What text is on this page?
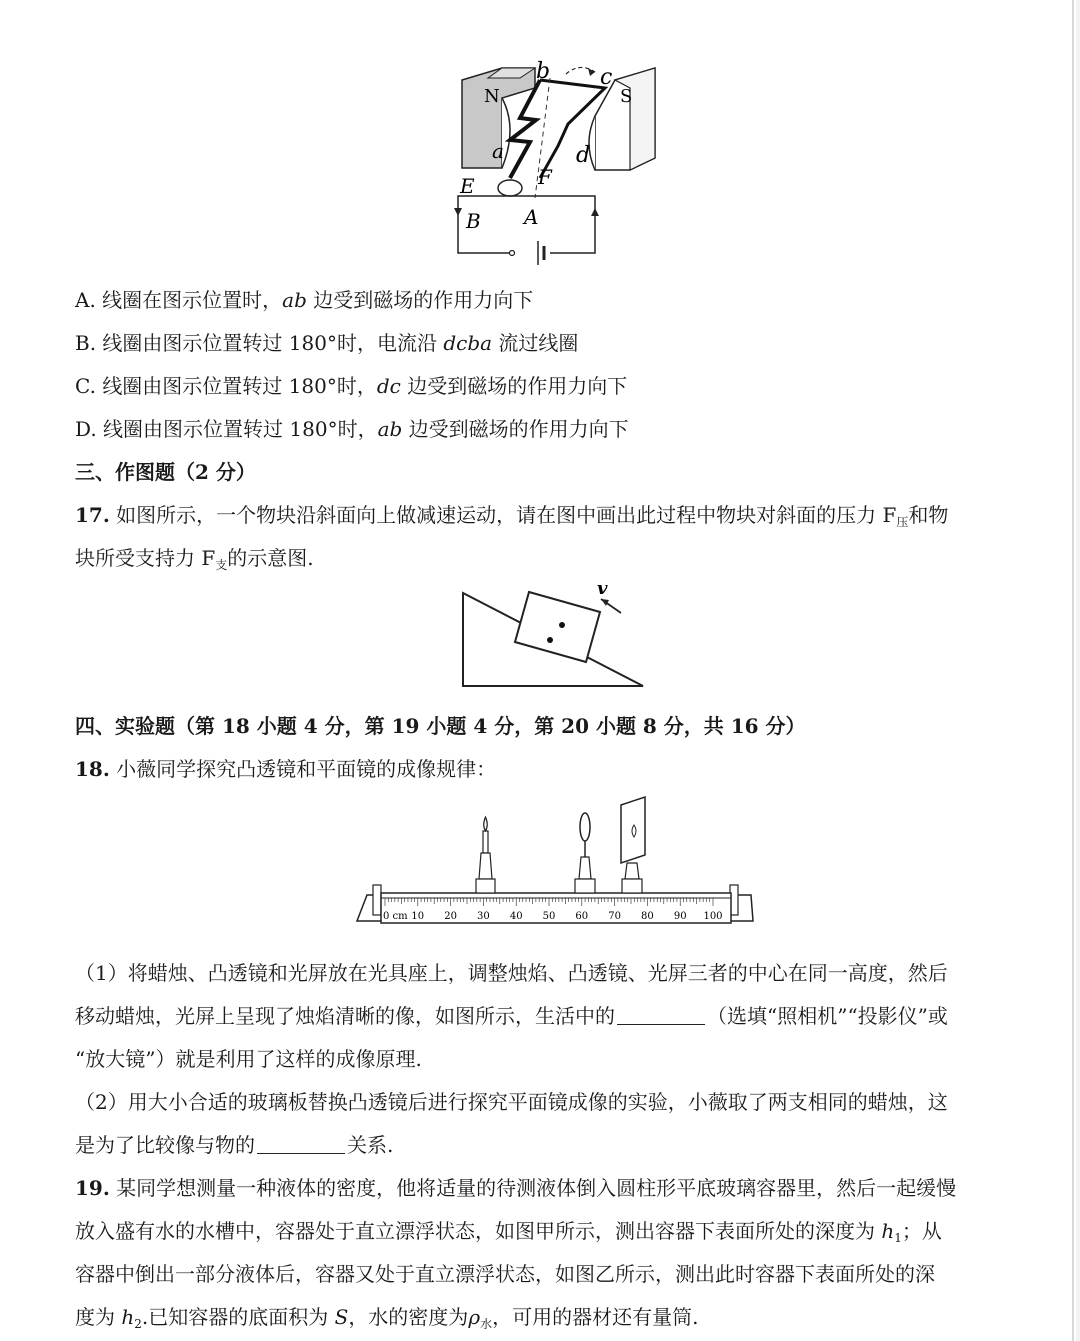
N	S
a
b c
d
E	F
B A
A. 线圈在图示位置时，ab 边受到磁场的作用力向下
B. 线圈由图示位置转过 180°时，电流沿 dcba 流过线圈
C. 线圈由图示位置转过 180°时，dc 边受到磁场的作用力向下
D. 线圈由图示位置转过 180°时，ab 边受到磁场的作用力向下
三、作图题（2 分）
17. 如图所示，一个物块沿斜面向上做减速运动，请在图中画出此过程中物块对斜面的压力 $F_压$和物
块所受支持力 $F_支$的示意图.
v
四、实验题（第 18 小题 4 分，第 19 小题 4 分，第 20 小题 8 分，共 16 分）
18. 小薇同学探究凸透镜和平面镜的成像规律：
0 cm 10 20 30 40 50 60 70 80 90 100
（1）将蜡烛、凸透镜和光屏放在光具座上，调整烛焰、凸透镜、光屏三者的中心在同一高度，然后
移动蜡烛，光屏上呈现了烛焰清晰的像，如图所示，生活中的	（选填“照相机”“投影仪”或
“放大镜”）就是利用了这样的成像原理.
（2）用大小合适的玻璃板替换凸透镜后进行探究平面镜成像的实验，小薇取了两支相同的蜡烛，这
是为了比较像与物的	关系.
19. 某同学想测量一种液体的密度，他将适量的待测液体倒入圆柱形平底玻璃容器里，然后一起缓慢
放入盛有水的水槽中，容器处于直立漂浮状态，如图甲所示，测出容器下表面所处的深度为 $h_1$；从
容器中倒出一部分液体后，容器又处于直立漂浮状态，如图乙所示，测出此时容器下表面所处的深
度为 $h_2$.已知容器的底面积为 S，水的密度为$\rho_水$，可用的器材还有量筒.
